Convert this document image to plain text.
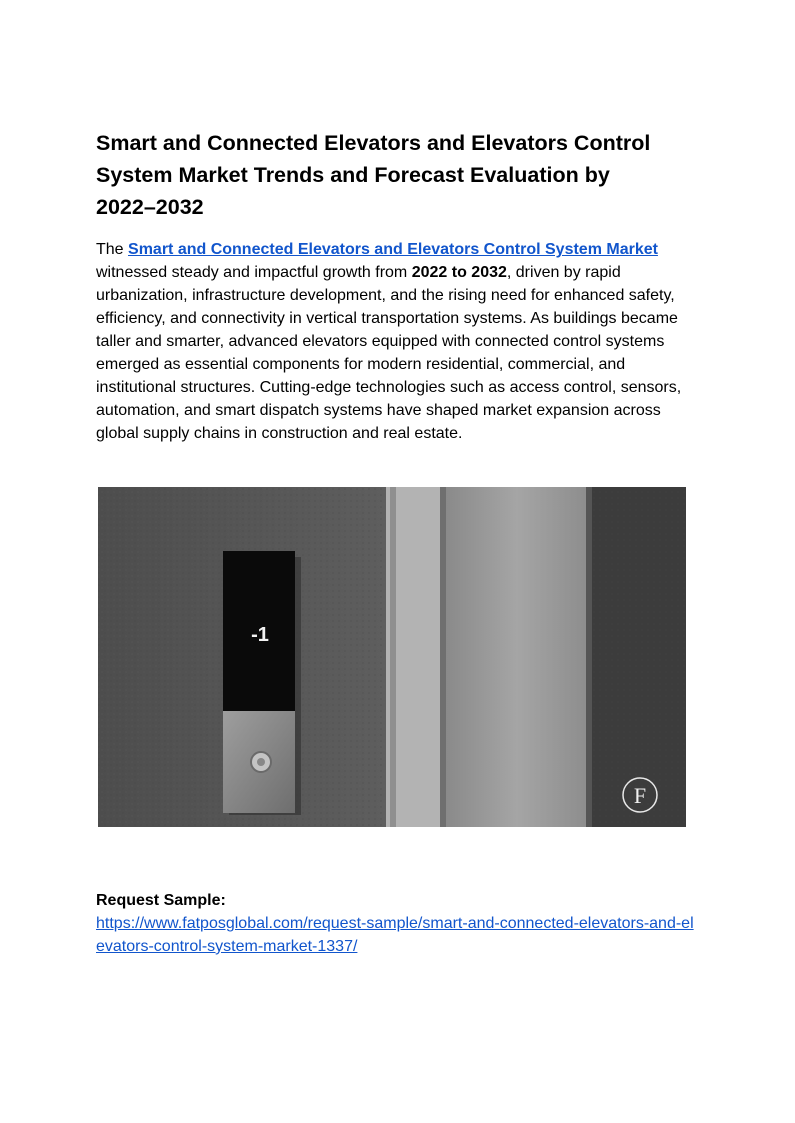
Smart and Connected Elevators and Elevators Control System Market Trends and Forecast Evaluation by 2022–2032

The Smart and Connected Elevators and Elevators Control System Market witnessed steady and impactful growth from 2022 to 2032, driven by rapid urbanization, infrastructure development, and the rising need for enhanced safety, efficiency, and connectivity in vertical transportation systems. As buildings became taller and smarter, advanced elevators equipped with connected control systems emerged as essential components for modern residential, commercial, and institutional structures. Cutting-edge technologies such as access control, sensors, automation, and smart dispatch systems have shaped market expansion across global supply chains in construction and real estate.

-1
F

Request Sample:

https://www.fatposglobal.com/request-sample/smart-and-connected-elevators-and-elevators-control-system-market-1337/
